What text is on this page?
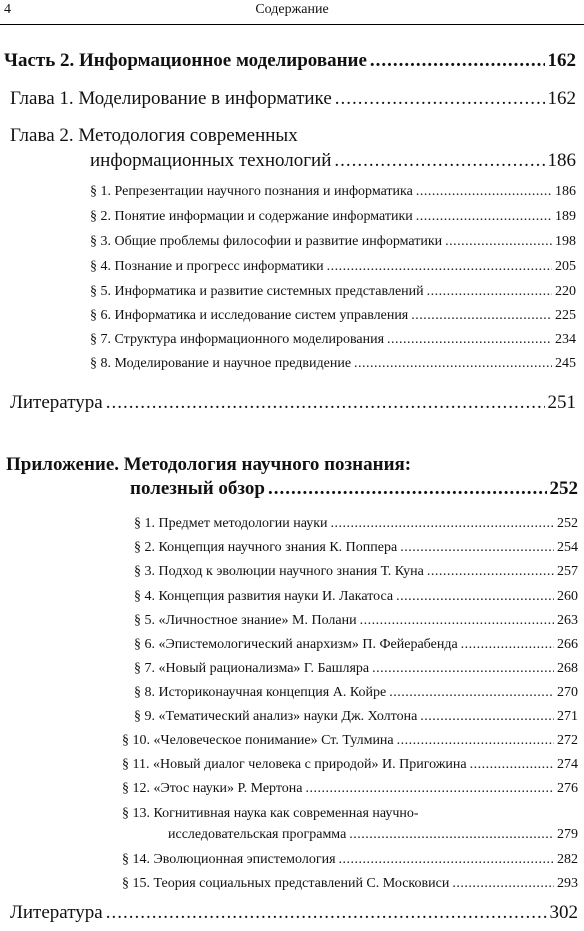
4	Содержание
Часть 2. Информационное моделирование .....	162
Глава 1. Моделирование в информатике .....	162
Глава 2. Методология современных
информационных технологий .....	186
§ 1. Репрезентации научного познания и информатика .....	186
§ 2. Понятие информации и содержание информатики .....	189
§ 3. Общие проблемы философии и развитие информатики .....	198
§ 4. Познание и прогресс информатики .....	205
§ 5. Информатика и развитие системных представлений .....	220
§ 6. Информатика и исследование систем управления .....	225
§ 7. Структура информационного моделирования .....	234
§ 8. Моделирование и научное предвидение .....	245
Литература .....	251
Приложение. Методология научного познания:
полезный обзор .....	252
§ 1. Предмет методологии науки .....	252
§ 2. Концепция научного знания К. Поппера .....	254
§ 3. Подход к эволюции научного знания Т. Куна .....	257
§ 4. Концепция развития науки И. Лакатоса .....	260
§ 5. «Личностное знание» М. Полани .....	263
§ 6. «Эпистемологический анархизм» П. Фейерабенда .....	266
§ 7. «Новый рационализма» Г. Башляра .....	268
§ 8. Историконаучная концепция А. Койре .....	270
§ 9. «Тематический анализ» науки Дж. Холтона .....	271
§ 10. «Человеческое понимание» Ст. Тулмина .....	272
§ 11. «Новый диалог человека с природой» И. Пригожина .....	274
§ 12. «Этос науки» Р. Мертона .....	276
§ 13. Когнитивная наука как современная научно-
исследовательская программа .....	279
§ 14. Эволюционная эпистемология .....	282
§ 15. Теория социальных представлений С. Московиси .....	293
Литература .....	302
